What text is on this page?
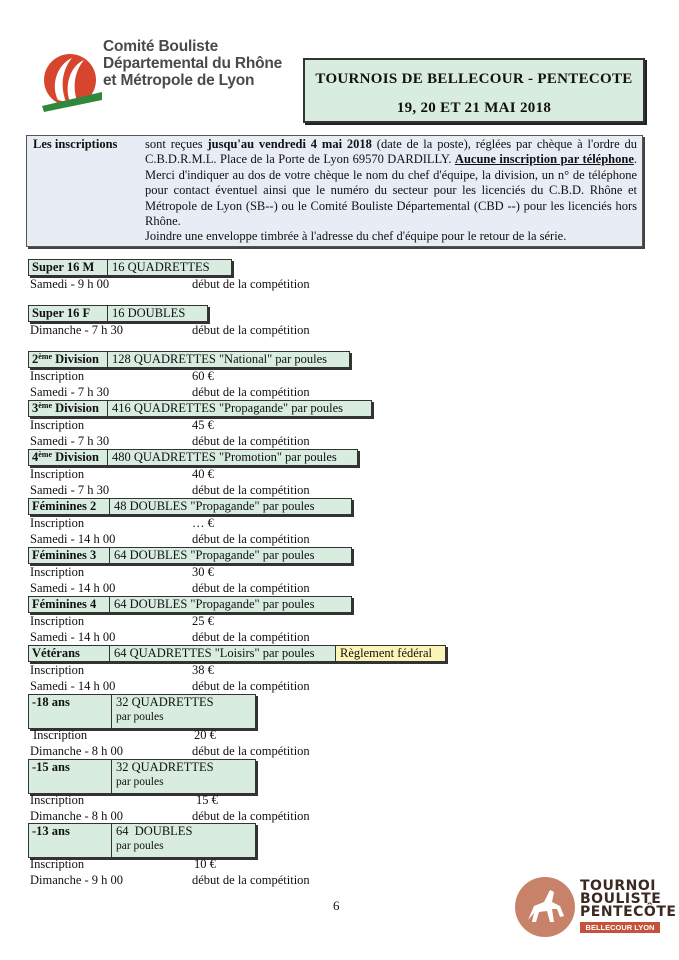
Comité Bouliste
Départemental du Rhône
et Métropole de Lyon	TOURNOIS DE BELLECOUR - PENTECOTE
19, 20 ET 21 MAI 2018
Les inscriptions sont reçues jusqu'au vendredi 4 mai 2018 (date de la poste), réglées par chèque à l'ordre du C.B.D.R.M.L. Place de la Porte de Lyon 69570 DARDILLY. Aucune inscription par téléphone. Merci d'indiquer au dos de votre chèque le nom du chef d'équipe, la division, un n° de téléphone pour contact éventuel ainsi que le numéro du secteur pour les licenciés du C.B.D. Rhône et Métropole de Lyon (SB--) ou le Comité Bouliste Départemental (CBD --) pour les licenciés hors Rhône.
Joindre une enveloppe timbrée à l'adresse du chef d'équipe pour le retour de la série.
Super 16 M	16 QUADRETTES
Samedi - 9 h 00	début de la compétition
Super 16 F	16 DOUBLES
Dimanche - 7 h 30	début de la compétition
2ème Division	128 QUADRETTES "National" par poules
Inscription	60 €
Samedi - 7 h 30	début de la compétition
3ème Division	416 QUADRETTES "Propagande" par poules
Inscription	45 €
Samedi - 7 h 30	début de la compétition
4ème Division	480 QUADRETTES "Promotion" par poules
Inscription	40 €
Samedi - 7 h 30	début de la compétition
Féminines 2	48 DOUBLES "Propagande" par poules
Inscription	… €
Samedi - 14 h 00	début de la compétition
Féminines 3	64 DOUBLES "Propagande" par poules
Inscription	30 €
Samedi - 14 h 00	début de la compétition
Féminines 4	64 DOUBLES "Propagande" par poules
Inscription	25 €
Samedi - 14 h 00	début de la compétition
Vétérans	64 QUADRETTES "Loisirs" par poules	Règlement fédéral
Inscription	38 €
Samedi - 14 h 00	début de la compétition
-18 ans	32 QUADRETTES
par poules
Inscription	20 €
Dimanche - 8 h 00	début de la compétition
-15 ans	32 QUADRETTES
par poules
Inscription	15 €
Dimanche - 8 h 00	début de la compétition
-13 ans	64  DOUBLES
par poules
Inscription	10 €
Dimanche - 9 h 00	début de la compétition
6
TOURNOI
BOULISTE
PENTECÔTE
BELLECOUR LYON
